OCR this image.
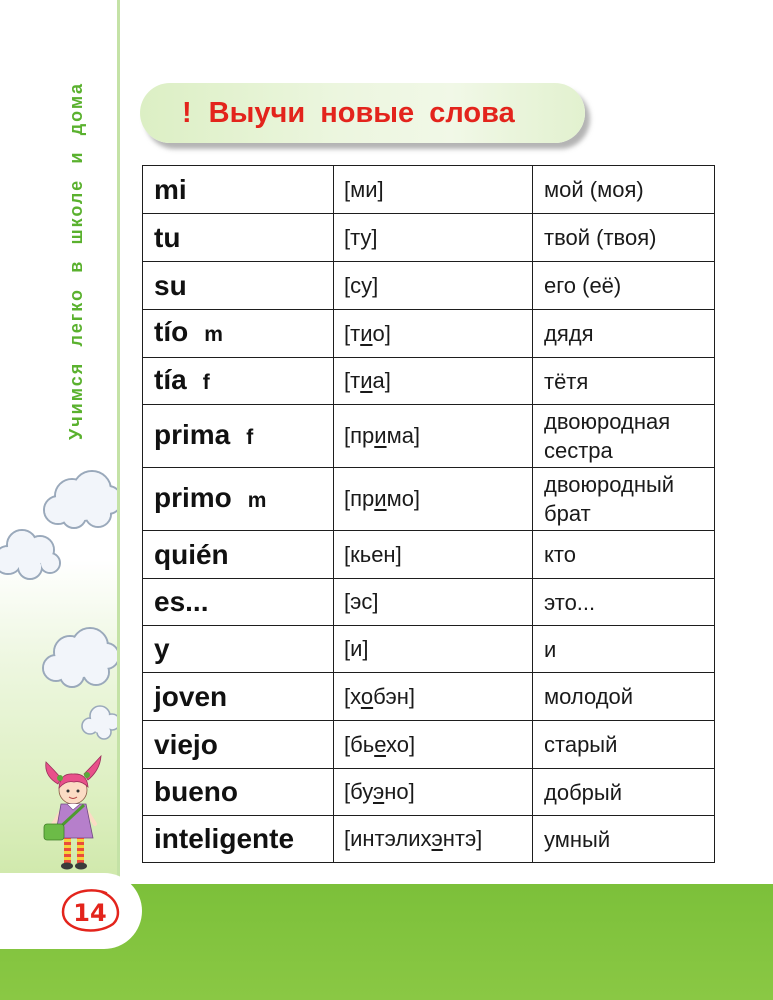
Учимся легко в школе и дома	! Выучи новые слова
mi	[ми]	мой (моя)
tu	[ту]	твой (твоя)
su	[су]	его (её)
tío m	[тио]	дядя
tía f	[тиа]	тётя
prima f	[прима]	двоюродная сестра
primo m	[примо]	двоюродный брат
quién	[кьен]	кто
es...	[эс]	это...
y	[и]	и
joven	[хобэн]	молодой
viejo	[бьехо]	старый
bueno	[буэно]	добрый
inteligente	[интэлихэнтэ]	умный
14
